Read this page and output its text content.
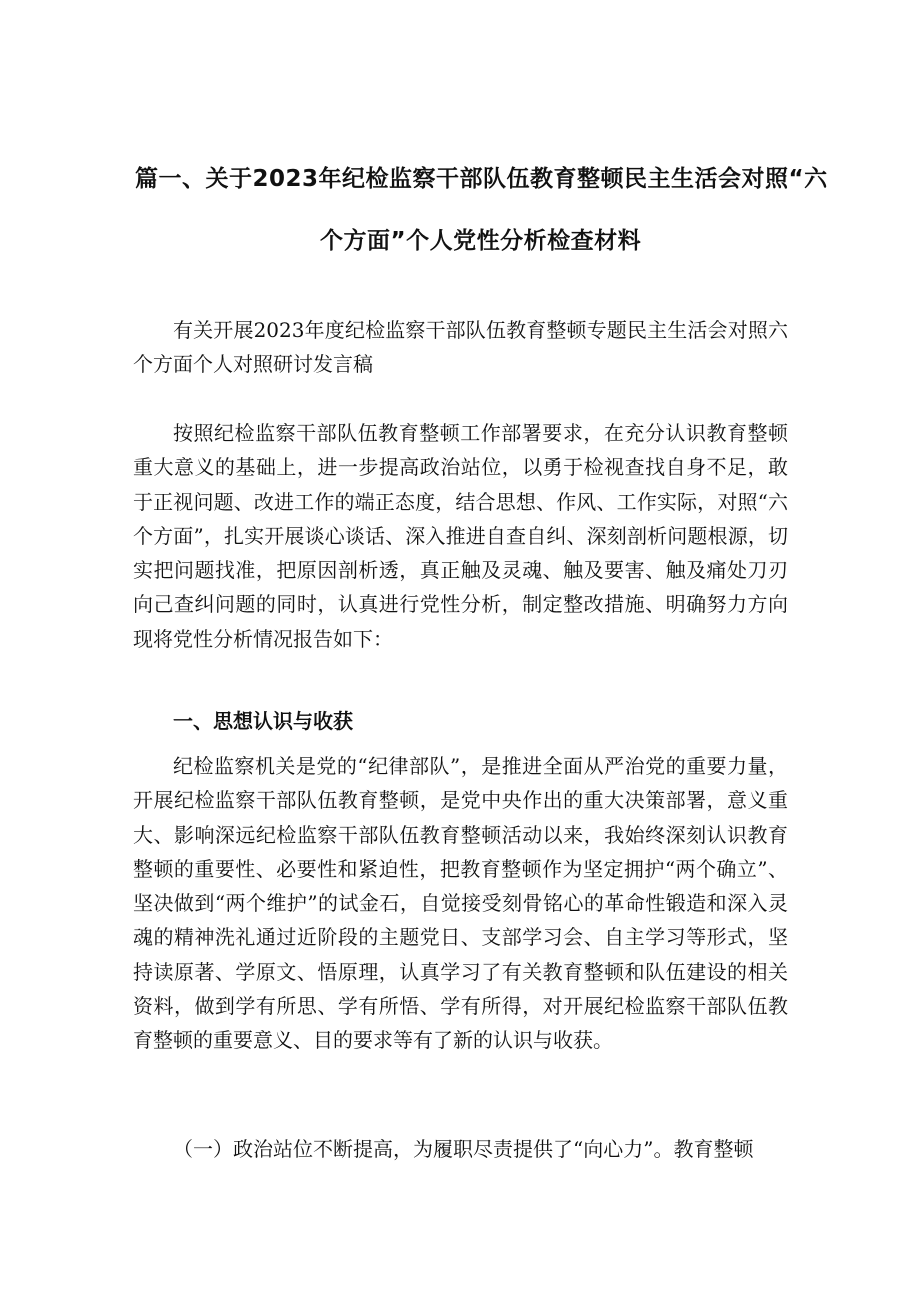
篇一、关于2023年纪检监察干部队伍教育整顿民主生活会对照“六
个方面”个人党性分析检查材料

有关开展2023年度纪检监察干部队伍教育整顿专题民主生活会对照六个方面个人对照研讨发言稿

按照纪检监察干部队伍教育整顿工作部署要求，在充分认识教育整顿重大意义的基础上，进一步提高政治站位，以勇于检视查找自身不足，敢于正视问题、改进工作的端正态度，结合思想、作风、工作实际，对照“六个方面”，扎实开展谈心谈话、深入推进自查自纠、深刻剖析问题根源，切实把问题找准，把原因剖析透，真正触及灵魂、触及要害、触及痛处刀刃向己查纠问题的同时，认真进行党性分析，制定整改措施、明确努力方向现将党性分析情况报告如下：

一、思想认识与收获

纪检监察机关是党的“纪律部队”，是推进全面从严治党的重要力量，开展纪检监察干部队伍教育整顿，是党中央作出的重大决策部署，意义重大、影响深远纪检监察干部队伍教育整顿活动以来，我始终深刻认识教育整顿的重要性、必要性和紧迫性，把教育整顿作为坚定拥护“两个确立”、坚决做到“两个维护”的试金石，自觉接受刻骨铭心的革命性锻造和深入灵魂的精神洗礼通过近阶段的主题党日、支部学习会、自主学习等形式，坚持读原著、学原文、悟原理，认真学习了有关教育整顿和队伍建设的相关资料，做到学有所思、学有所悟、学有所得，对开展纪检监察干部队伍教育整顿的重要意义、目的要求等有了新的认识与收获。

（一）政治站位不断提高，为履职尽责提供了“向心力”。教育整顿
